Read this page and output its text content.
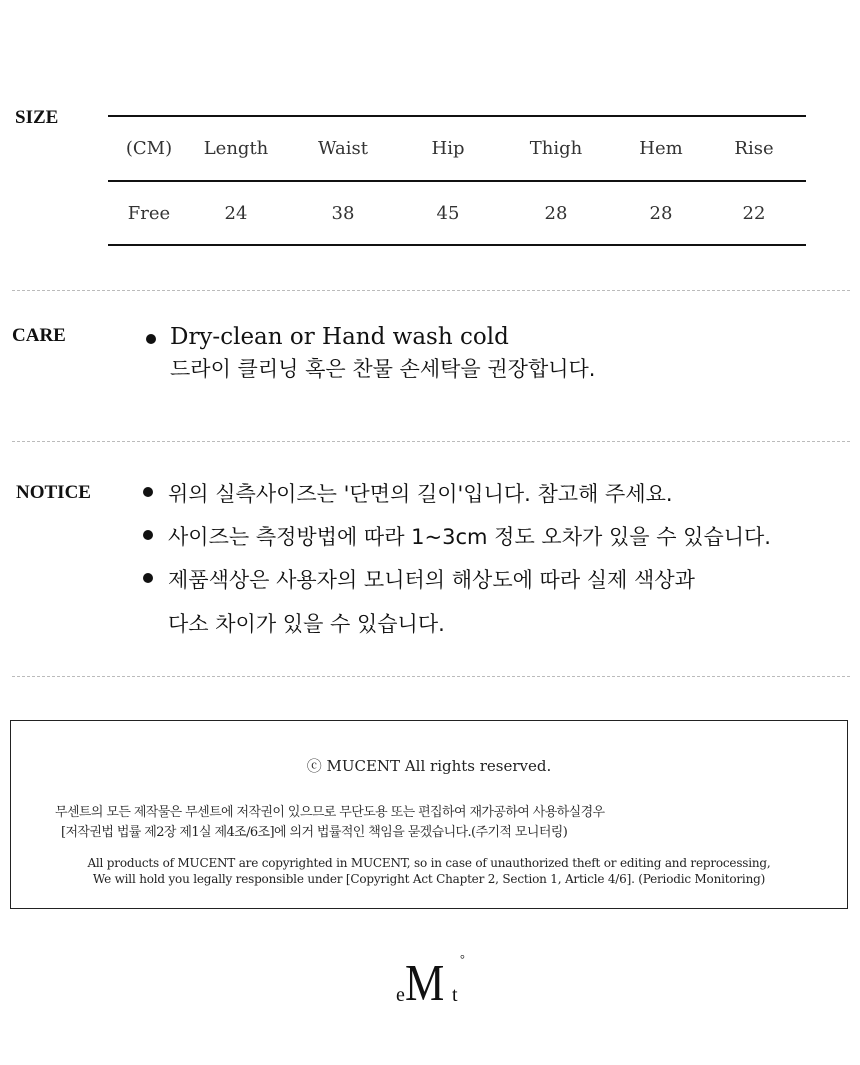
SIZE
(CM)	Length	Waist	Hip	Thigh	Hem	Rise
Free	24	38	45	28	28	22
CARE	Dry-clean or Hand wash cold
드라이 클리닝 혹은 찬물 손세탁을 권장합니다.
NOTICE	위의 실측사이즈는 '단면의 길이'입니다. 참고해 주세요.
사이즈는 측정방법에 따라 1~3cm 정도 오차가 있을 수 있습니다.
제품색상은 사용자의 모니터의 해상도에 따라 실제 색상과
다소 차이가 있을 수 있습니다.
ⓒ MUCENT All rights reserved.
무센트의 모든 제작물은 무센트에 저작권이 있으므로 무단도용 또는 편집하여 재가공하여 사용하실경우
[저작권법 법률 제2장 제1실 제4조/6조]에 의거 법률적인 책임을 묻겠습니다.(주기적 모니터링)
All products of MUCENT are copyrighted in MUCENT, so in case of unauthorized theft or editing and reprocessing,
We will hold you legally responsible under [Copyright Act Chapter 2, Section 1, Article 4/6]. (Periodic Monitoring)
e M t
°
